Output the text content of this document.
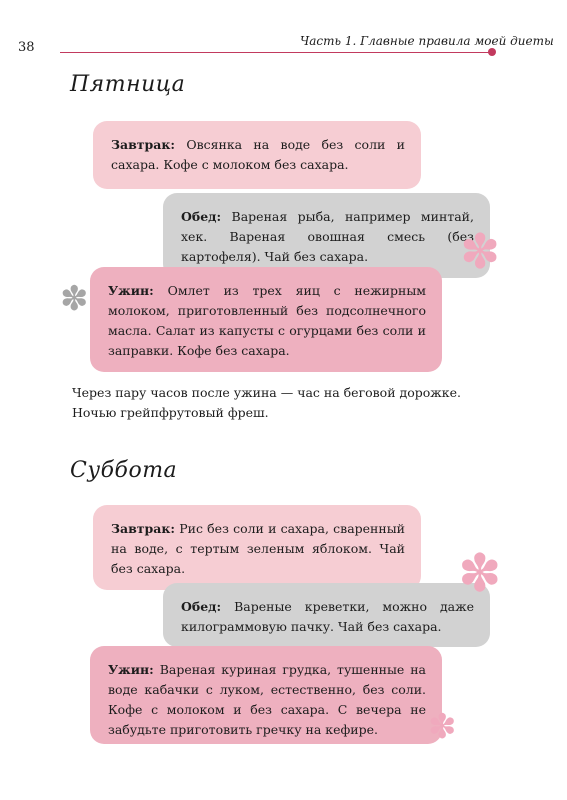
38	Часть 1. Главные правила моей диеты
Пятница
Завтрак: Овсянка на воде без соли и сахара. Кофе с молоком без сахара.
Обед: Вареная рыба, например минтай, хек. Вареная овошная смесь (без картофеля). Чай без сахара.
Ужин: Омлет из трех яиц с нежирным молоком, приготовленный без подсолнечного масла. Салат из капусты с огурцами без соли и заправки. Кофе без сахара.
✽
✽
Через пару часов после ужина — час на беговой дорожке. Ночью грейпфрутовый фреш.
Суббота
Завтрак: Рис без соли и сахара, сваренный на воде, с тертым зеленым яблоком. Чай без сахара.
Обед: Вареные креветки, можно даже килограммовую пачку. Чай без сахара.
Ужин: Вареная куриная грудка, тушенные на воде кабачки с луком, естественно, без соли. Кофе с молоком и без сахара. С вечера не забудьте приготовить гречку на кефире.
✽
✽
